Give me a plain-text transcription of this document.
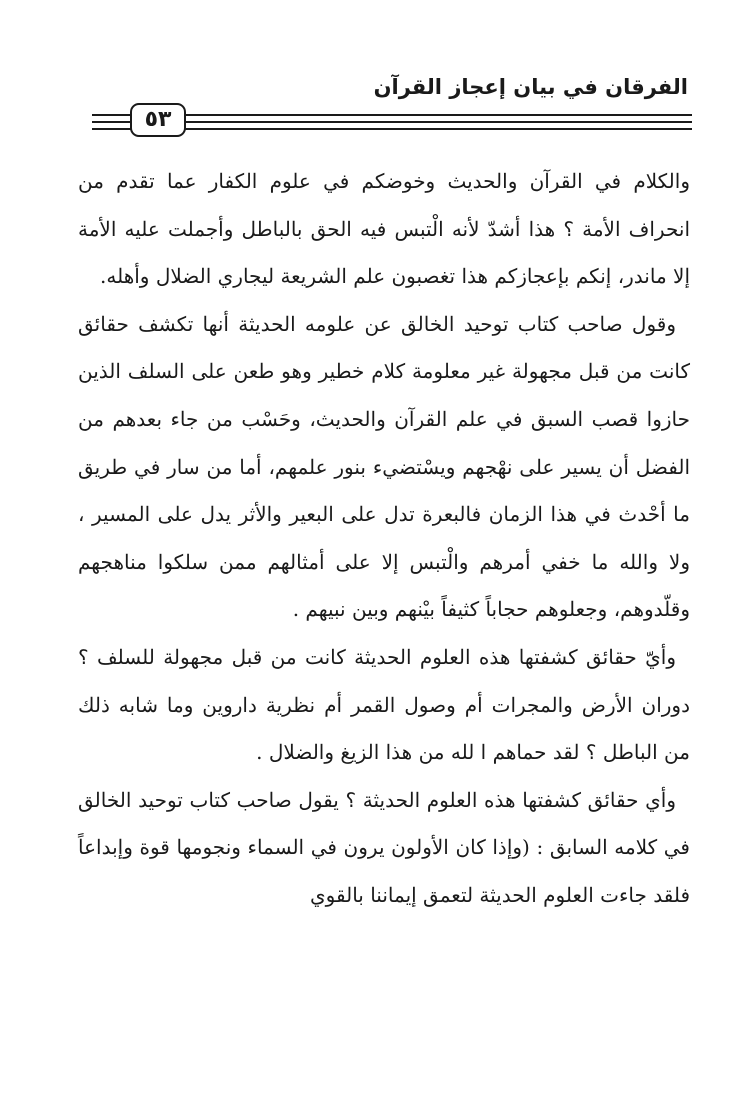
الفرقان في بيان إعجاز القرآن
٥٣

والكلام في القرآن والحديث وخوضكم في علوم الكفار عما تقدم من انحراف الأمة ؟ هذا أشدّ لأنه الْتبس فيه الحق بالباطل وأجملت عليه الأمة إلا ماندر، إنكم بإعجازكم هذا تغصبون علم الشريعة ليجاري الضلال وأهله.

وقول صاحب كتاب توحيد الخالق عن علومه الحديثة أنها تكشف حقائق كانت من قبل مجهولة غير معلومة كلام خطير وهو طعن على السلف الذين حازوا قصب السبق في علم القرآن والحديث، وحَسْب من جاء بعدهم من الفضل أن يسير على نهْجهم ويسْتضيء بنور علمهم، أما من سار في طريق ما أحْدث في هذا الزمان فالبعرة تدل على البعير والأثر يدل على المسير ، ولا والله ما خفي أمرهم والْتبس إلا على أمثالهم ممن سلكوا مناهجهم وقلّدوهم، وجعلوهم حجاباً كثيفاً بيْنهم وبين نبيهم .

وأيّ حقائق كشفتها هذه العلوم الحديثة كانت من قبل مجهولة للسلف ؟ دوران الأرض والمجرات أم وصول القمر أم نظرية داروين وما شابه ذلك من الباطل ؟ لقد حماهم ا لله من هذا الزيغ والضلال .

وأي حقائق كشفتها هذه العلوم الحديثة ؟ يقول صاحب كتاب توحيد الخالق في كلامه السابق : (وإذا كان الأولون يرون في السماء ونجومها قوة وإبداعاً فلقد جاءت العلوم الحديثة لتعمق إيماننا بالقوي
